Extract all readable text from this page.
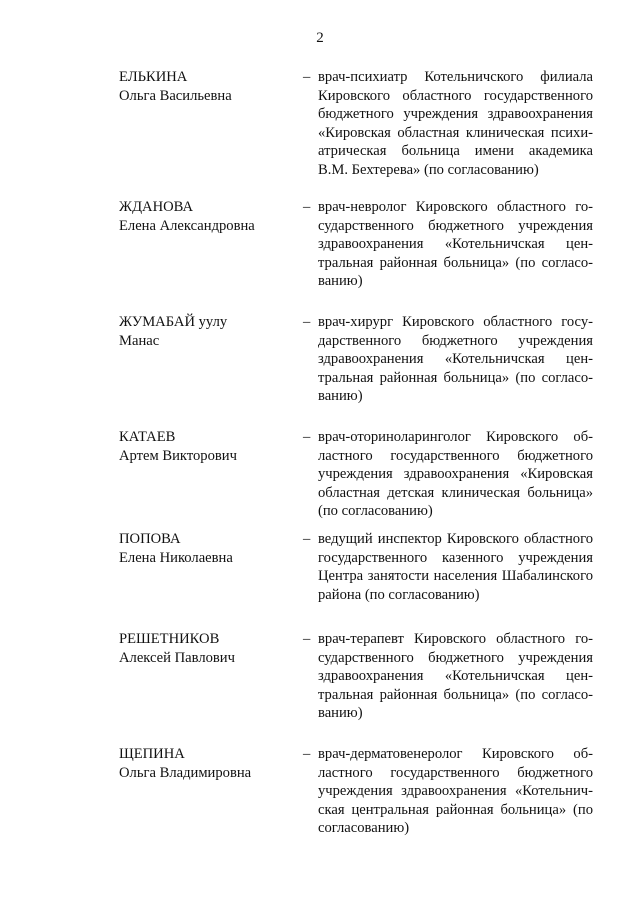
2
ЕЛЬКИНА
Ольга Васильевна
– врач-психиатр Котельничского филиала
Кировского областного государственного
бюджетного учреждения здравоохранения
«Кировская областная клиническая психи-
атрическая больница имени академика
В.М. Бехтерева» (по согласованию)
ЖДАНОВА
Елена Александровна
– врач-невролог Кировского областного го-
сударственного бюджетного учреждения
здравоохранения «Котельничская цен-
тральная районная больница» (по согласо-
ванию)
ЖУМАБАЙ уулу
Манас
– врач-хирург Кировского областного госу-
дарственного бюджетного учреждения
здравоохранения «Котельничская цен-
тральная районная больница» (по согласо-
ванию)
КАТАЕВ
Артем Викторович
– врач-оториноларинголог Кировского об-
ластного государственного бюджетного
учреждения здравоохранения «Кировская
областная детская клиническая больница»
(по согласованию)
ПОПОВА
Елена Николаевна
– ведущий инспектор Кировского областного
государственного казенного учреждения
Центра занятости населения Шабалинского
района (по согласованию)
РЕШЕТНИКОВ
Алексей Павлович
– врач-терапевт Кировского областного го-
сударственного бюджетного учреждения
здравоохранения «Котельничская цен-
тральная районная больница» (по согласо-
ванию)
ЩЕПИНА
Ольга Владимировна
– врач-дерматовенеролог Кировского об-
ластного государственного бюджетного
учреждения здравоохранения «Котельнич-
ская центральная районная больница» (по
согласованию)
